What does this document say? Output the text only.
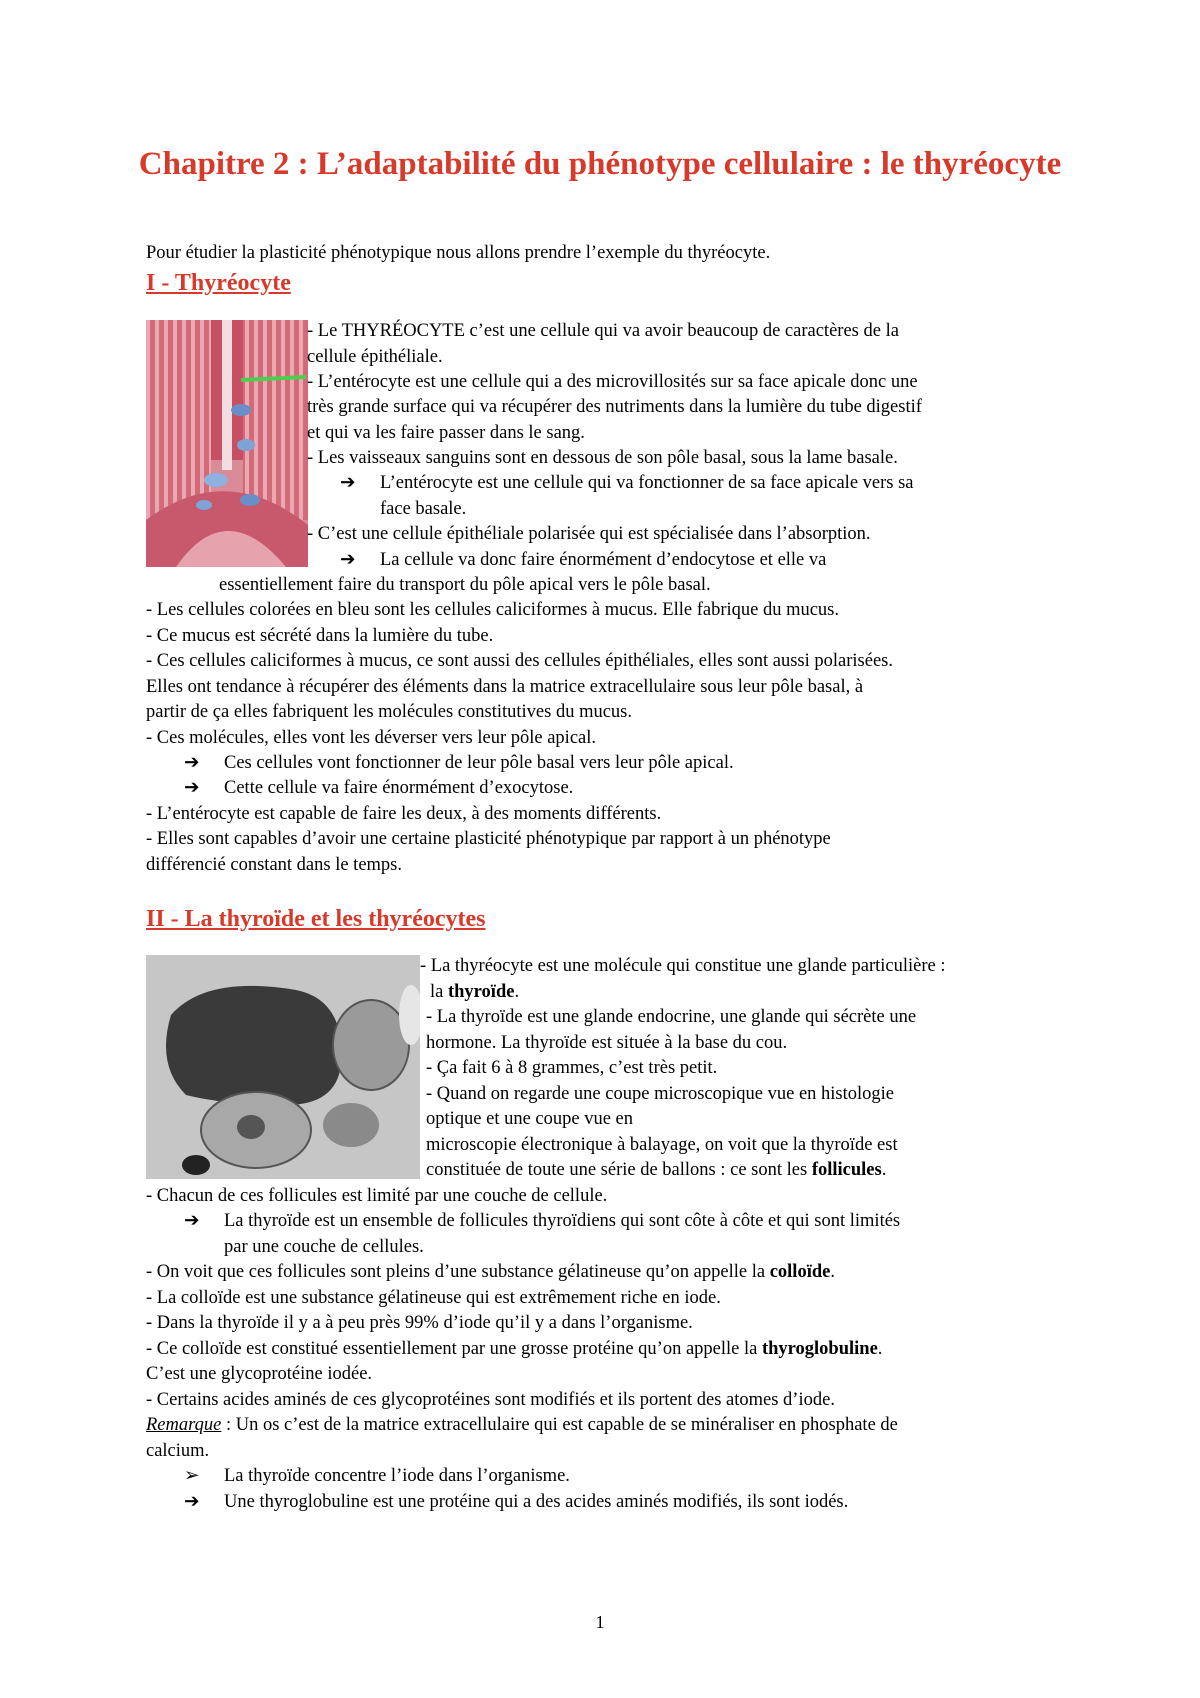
Chapitre 2 : L’adaptabilité du phénotype cellulaire : le thyréocyte
Pour étudier la plasticité phénotypique nous allons prendre l’exemple du thyréocyte.
I - Thyréocyte
- Le THYRÉOCYTE c’est une cellule qui va avoir beaucoup de caractères de la
cellule épithéliale.
- L’entérocyte est une cellule qui a des microvillosités sur sa face apicale donc une
très grande surface qui va récupérer des nutriments dans la lumière du tube digestif
et qui va les faire passer dans le sang.
- Les vaisseaux sanguins sont en dessous de son pôle basal, sous la lame basale.
➔ L’entérocyte est une cellule qui va fonctionner de sa face apicale vers sa
face basale.
- C’est une cellule épithéliale polarisée qui est spécialisée dans l’absorption.
➔ La cellule va donc faire énormément d’endocytose et elle va
essentiellement faire du transport du pôle apical vers le pôle basal.
- Les cellules colorées en bleu sont les cellules caliciformes à mucus. Elle fabrique du mucus.
- Ce mucus est sécrété dans la lumière du tube.
- Ces cellules caliciformes à mucus, ce sont aussi des cellules épithéliales, elles sont aussi polarisées.
Elles ont tendance à récupérer des éléments dans la matrice extracellulaire sous leur pôle basal, à
partir de ça elles fabriquent les molécules constitutives du mucus.
- Ces molécules, elles vont les déverser vers leur pôle apical.
➔ Ces cellules vont fonctionner de leur pôle basal vers leur pôle apical.
➔ Cette cellule va faire énormément d’exocytose.
- L’entérocyte est capable de faire les deux, à des moments différents.
- Elles sont capables d’avoir une certaine plasticité phénotypique par rapport à un phénotype
différencié constant dans le temps.
II - La thyroïde et les thyréocytes
- La thyréocyte est une molécule qui constitue une glande particulière :
la thyroïde.
- La thyroïde est une glande endocrine, une glande qui sécrète une
hormone. La thyroïde est située à la base du cou.
- Ça fait 6 à 8 grammes, c’est très petit.
- Quand on regarde une coupe microscopique vue en histologie
optique et une coupe vue en
microscopie électronique à balayage, on voit que la thyroïde est
constituée de toute une série de ballons : ce sont les follicules.
- Chacun de ces follicules est limité par une couche de cellule.
➔ La thyroïde est un ensemble de follicules thyroïdiens qui sont côte à côte et qui sont limités
par une couche de cellules.
- On voit que ces follicules sont pleins d’une substance gélatineuse qu’on appelle la colloïde.
- La colloïde est une substance gélatineuse qui est extrêmement riche en iode.
- Dans la thyroïde il y a à peu près 99% d’iode qu’il y a dans l’organisme.
- Ce colloïde est constitué essentiellement par une grosse protéine qu’on appelle la thyroglobuline.
C’est une glycoprotéine iodée.
- Certains acides aminés de ces glycoprotéines sont modifiés et ils portent des atomes d’iode.
Remarque : Un os c’est de la matrice extracellulaire qui est capable de se minéraliser en phosphate de
calcium.
➢ La thyroïde concentre l’iode dans l’organisme.
➔ Une thyroglobuline est une protéine qui a des acides aminés modifiés, ils sont iodés.
1
